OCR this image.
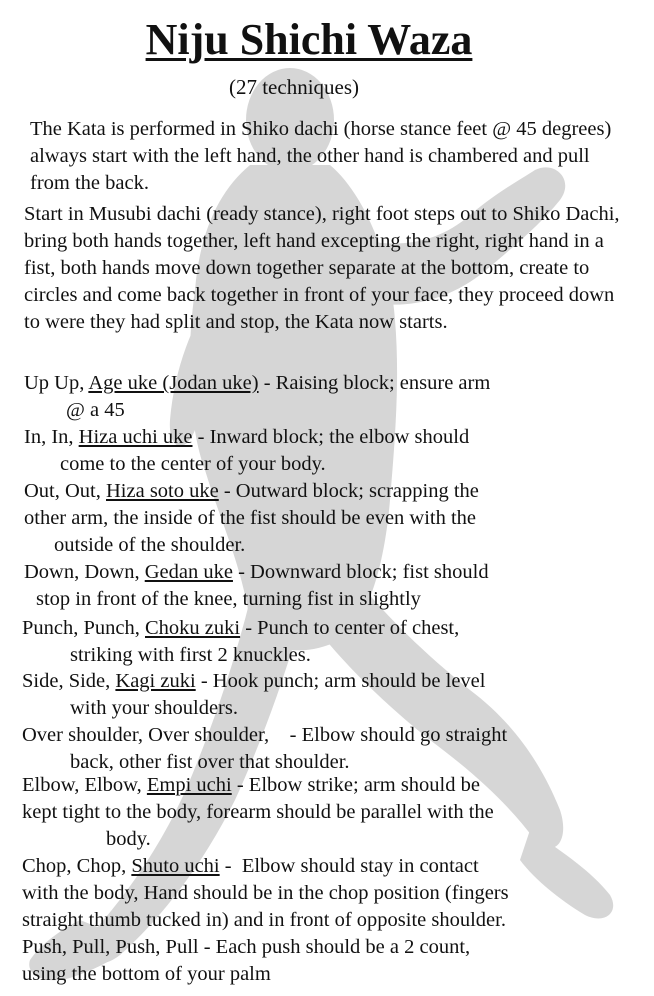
Niju Shichi Waza
(27 techniques)

The Kata is performed in Shiko dachi (horse stance feet @ 45 degrees) always start with the left hand, the other hand is chambered and pull from the back.

Start in Musubi dachi (ready stance), right foot steps out to Shiko Dachi, bring both hands together, left hand excepting the right, right hand in a fist, both hands move down together separate at the bottom, create to circles and come back together in front of your face, they proceed down to were they had split and stop, the Kata now starts.

Up Up, Age uke (Jodan uke) - Raising block; ensure arm
@ a 45
In, In, Hiza uchi uke - Inward block; the elbow should
come to the center of your body.
Out, Out, Hiza soto uke - Outward block; scrapping the
other arm, the inside of the fist should be even with the
outside of the shoulder.
Down, Down, Gedan uke - Downward block; fist should
stop in front of the knee, turning fist in slightly
Punch, Punch, Choku zuki - Punch to center of chest,
striking with first 2 knuckles.
Side, Side, Kagi zuki - Hook punch; arm should be level
with your shoulders.
Over shoulder, Over shoulder,    - Elbow should go straight
back, other fist over that shoulder.
Elbow, Elbow, Empi uchi - Elbow strike; arm should be
kept tight to the body, forearm should be parallel with the
body.
Chop, Chop, Shuto uchi -  Elbow should stay in contact
with the body, Hand should be in the chop position (fingers
straight thumb tucked in) and in front of opposite shoulder.
Push, Pull, Push, Pull - Each push should be a 2 count,
using the bottom of your palm
